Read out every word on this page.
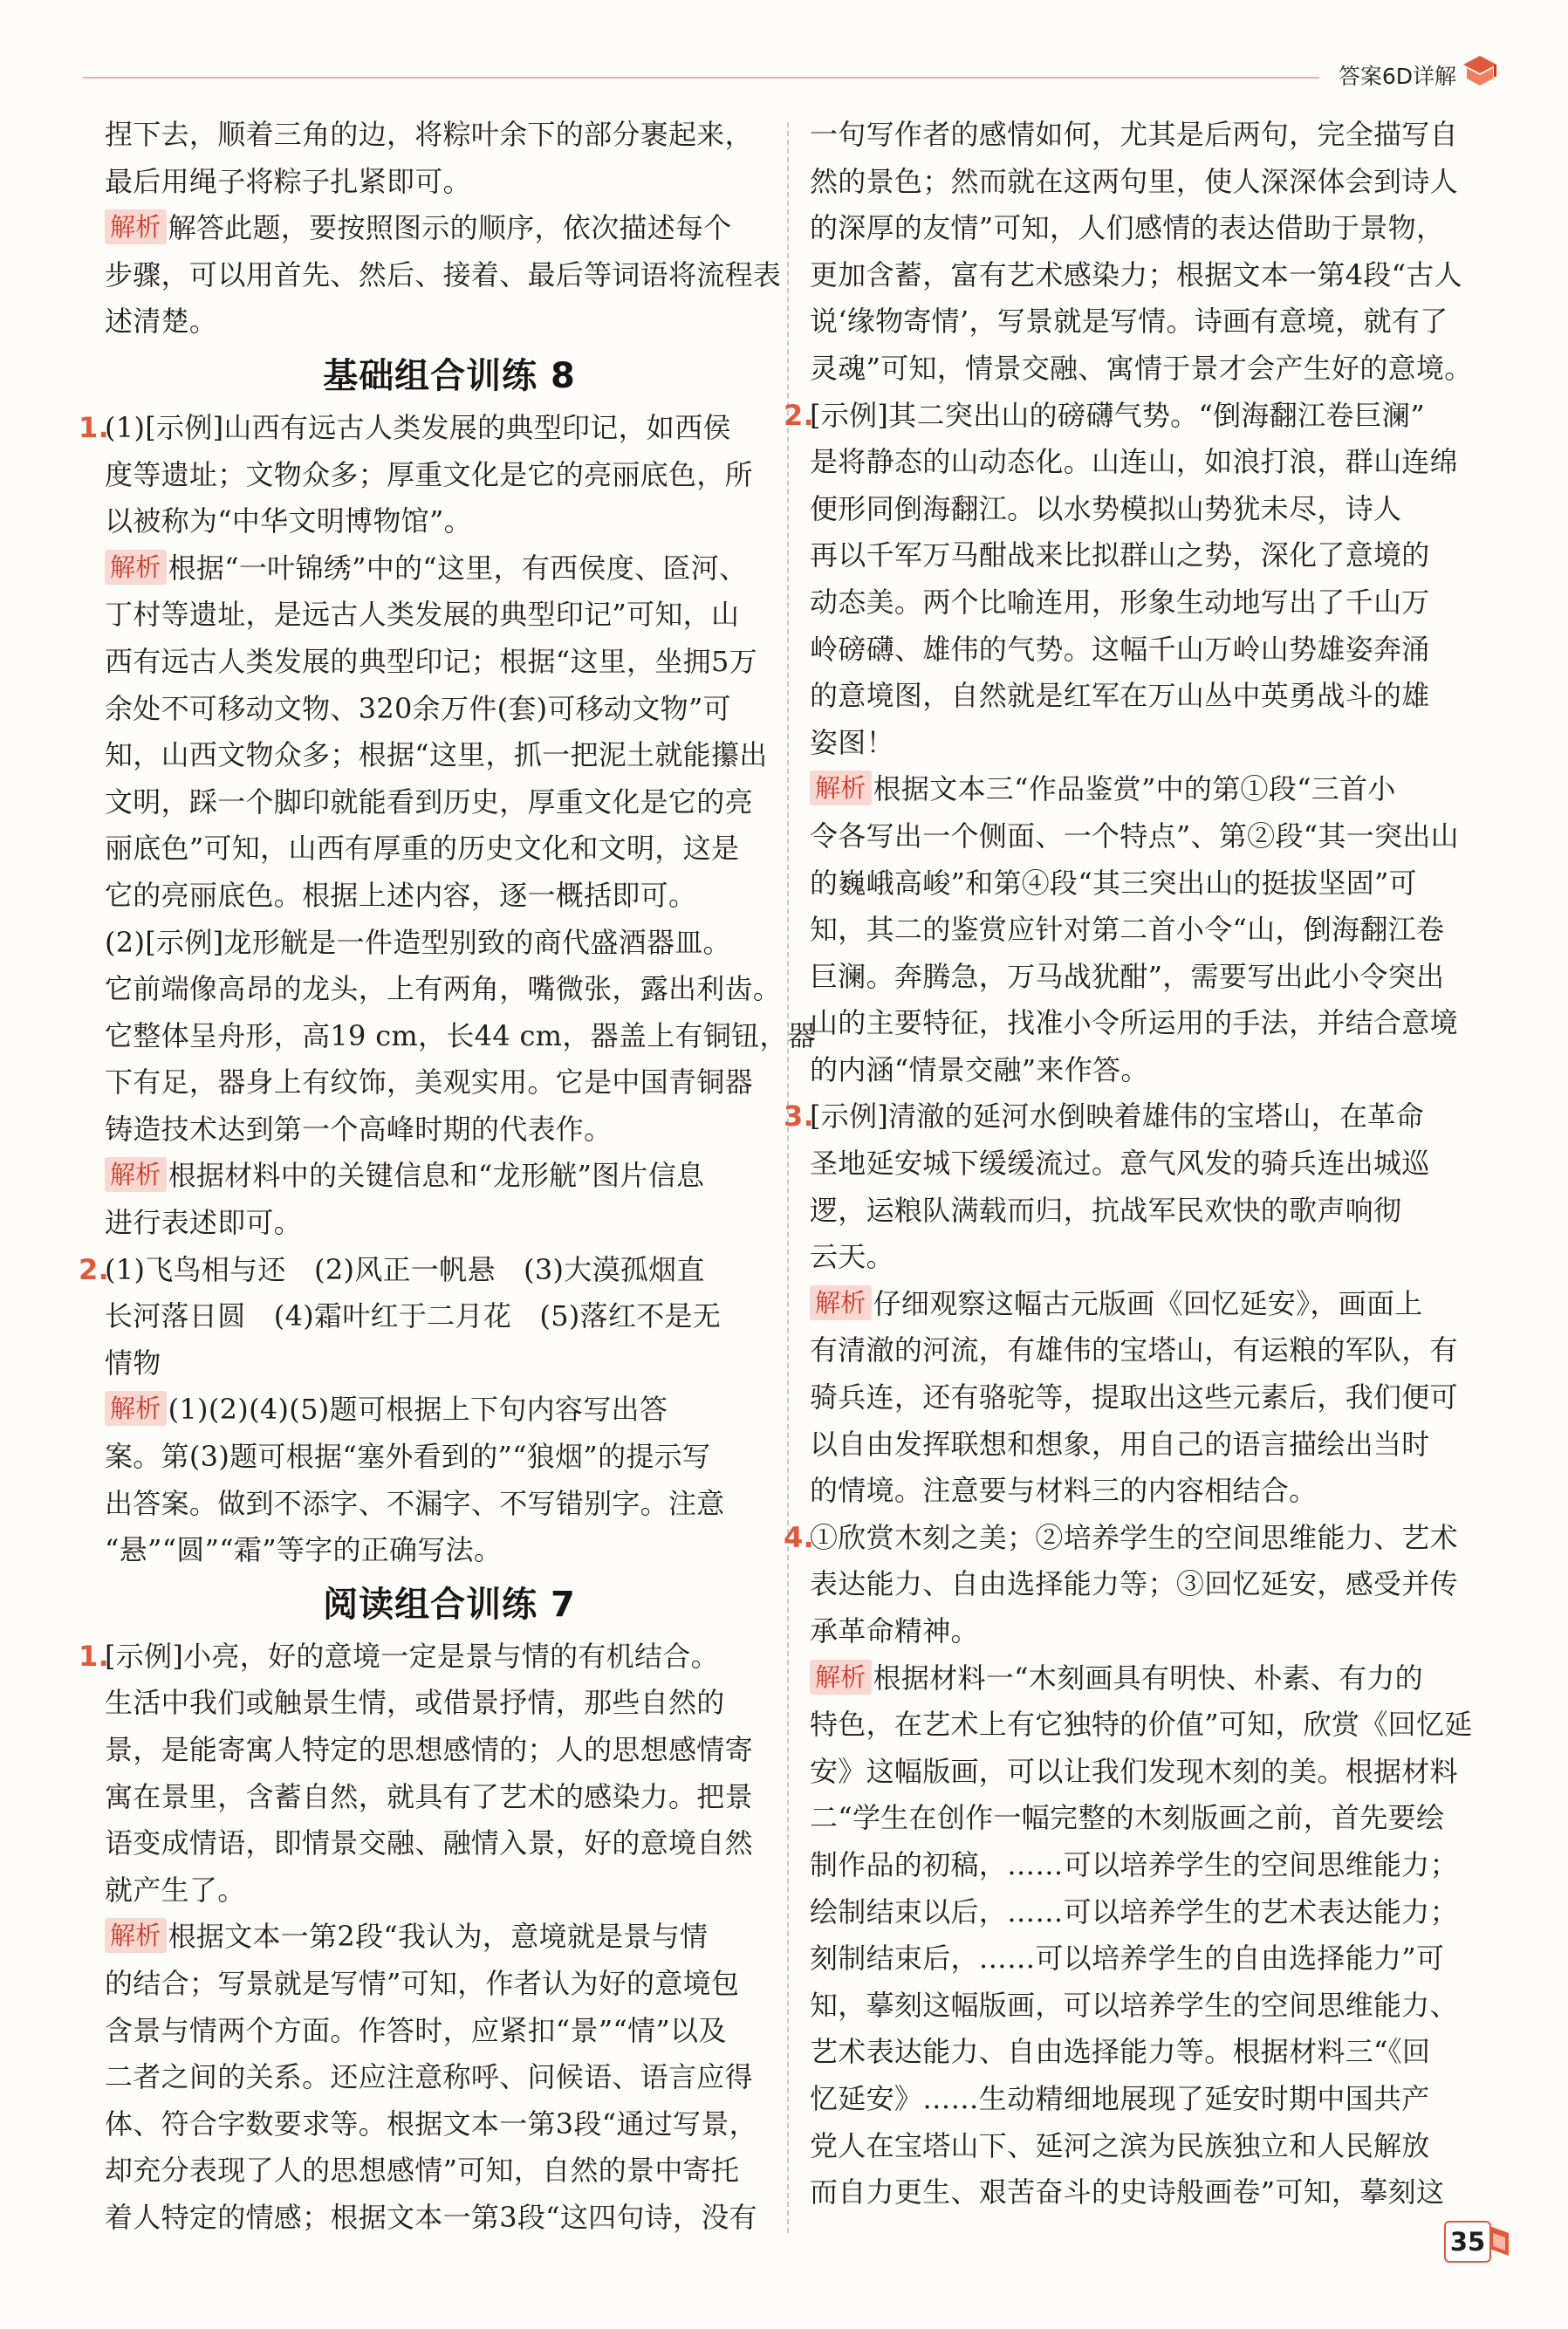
答案6D详解

捏下去，顺着三角的边，将粽叶余下的部分裹起来，

最后用绳子将粽子扎紧即可。

解析 解答此题，要按照图示的顺序，依次描述每个

步骤，可以用首先、然后、接着、最后等词语将流程表

述清楚。

基础组合训练 8
1.

(1)[示例]山西有远古人类发展的典型印记，如西侯

度等遗址；文物众多；厚重文化是它的亮丽底色，所

以被称为“中华文明博物馆”。

解析 根据“一叶锦绣”中的“这里，有西侯度、匼河、

丁村等遗址，是远古人类发展的典型印记”可知，山

西有远古人类发展的典型印记；根据“这里，坐拥5万

余处不可移动文物、320余万件(套)可移动文物”可

知，山西文物众多；根据“这里，抓一把泥土就能攥出

文明，踩一个脚印就能看到历史，厚重文化是它的亮

丽底色”可知，山西有厚重的历史文化和文明，这是

它的亮丽底色。根据上述内容，逐一概括即可。

(2)[示例]龙形觥是一件造型别致的商代盛酒器皿。

它前端像高昂的龙头，上有两角，嘴微张，露出利齿。

它整体呈舟形，高19 cm，长44 cm，器盖上有铜钮，器

下有足，器身上有纹饰，美观实用。它是中国青铜器

铸造技术达到第一个高峰时期的代表作。

解析 根据材料中的关键信息和“龙形觥”图片信息

进行表述即可。

2.

(1)飞鸟相与还　(2)风正一帆悬　(3)大漠孤烟直

长河落日圆　(4)霜叶红于二月花　(5)落红不是无

情物

解析 (1)(2)(4)(5)题可根据上下句内容写出答

案。第(3)题可根据“塞外看到的”“狼烟”的提示写

出答案。做到不添字、不漏字、不写错别字。注意

“悬”“圆”“霜”等字的正确写法。

阅读组合训练 7
1.

[示例]小亮，好的意境一定是景与情的有机结合。

生活中我们或触景生情，或借景抒情，那些自然的

景，是能寄寓人特定的思想感情的；人的思想感情寄

寓在景里，含蓄自然，就具有了艺术的感染力。把景

语变成情语，即情景交融、融情入景，好的意境自然

就产生了。

解析 根据文本一第2段“我认为，意境就是景与情

的结合；写景就是写情”可知，作者认为好的意境包

含景与情两个方面。作答时，应紧扣“景”“情”以及

二者之间的关系。还应注意称呼、问候语、语言应得

体、符合字数要求等。根据文本一第3段“通过写景，

却充分表现了人的思想感情”可知，自然的景中寄托

着人特定的情感；根据文本一第3段“这四句诗，没有

一句写作者的感情如何，尤其是后两句，完全描写自

然的景色；然而就在这两句里，使人深深体会到诗人

的深厚的友情”可知，人们感情的表达借助于景物，

更加含蓄，富有艺术感染力；根据文本一第4段“古人

说‘缘物寄情’，写景就是写情。诗画有意境，就有了

灵魂”可知，情景交融、寓情于景才会产生好的意境。

2.

[示例]其二突出山的磅礴气势。“倒海翻江卷巨澜”

是将静态的山动态化。山连山，如浪打浪，群山连绵

便形同倒海翻江。以水势模拟山势犹未尽，诗人

再以千军万马酣战来比拟群山之势，深化了意境的

动态美。两个比喻连用，形象生动地写出了千山万

岭磅礴、雄伟的气势。这幅千山万岭山势雄姿奔涌

的意境图，自然就是红军在万山丛中英勇战斗的雄

姿图！

解析 根据文本三“作品鉴赏”中的第①段“三首小

令各写出一个侧面、一个特点”、第②段“其一突出山

的巍峨高峻”和第④段“其三突出山的挺拔坚固”可

知，其二的鉴赏应针对第二首小令“山，倒海翻江卷

巨澜。奔腾急，万马战犹酣”，需要写出此小令突出

山的主要特征，找准小令所运用的手法，并结合意境

的内涵“情景交融”来作答。

3.

[示例]清澈的延河水倒映着雄伟的宝塔山，在革命

圣地延安城下缓缓流过。意气风发的骑兵连出城巡

逻，运粮队满载而归，抗战军民欢快的歌声响彻

云天。

解析 仔细观察这幅古元版画《回忆延安》，画面上

有清澈的河流，有雄伟的宝塔山，有运粮的军队，有

骑兵连，还有骆驼等，提取出这些元素后，我们便可

以自由发挥联想和想象，用自己的语言描绘出当时

的情境。注意要与材料三的内容相结合。

4.

①欣赏木刻之美；②培养学生的空间思维能力、艺术

表达能力、自由选择能力等；③回忆延安，感受并传

承革命精神。

解析 根据材料一“木刻画具有明快、朴素、有力的

特色，在艺术上有它独特的价值”可知，欣赏《回忆延

安》这幅版画，可以让我们发现木刻的美。根据材料

二“学生在创作一幅完整的木刻版画之前，首先要绘

制作品的初稿，……可以培养学生的空间思维能力；

绘制结束以后，……可以培养学生的艺术表达能力；

刻制结束后，……可以培养学生的自由选择能力”可

知，摹刻这幅版画，可以培养学生的空间思维能力、

艺术表达能力、自由选择能力等。根据材料三“《回

忆延安》……生动精细地展现了延安时期中国共产

党人在宝塔山下、延河之滨为民族独立和人民解放

而自力更生、艰苦奋斗的史诗般画卷”可知，摹刻这

35
